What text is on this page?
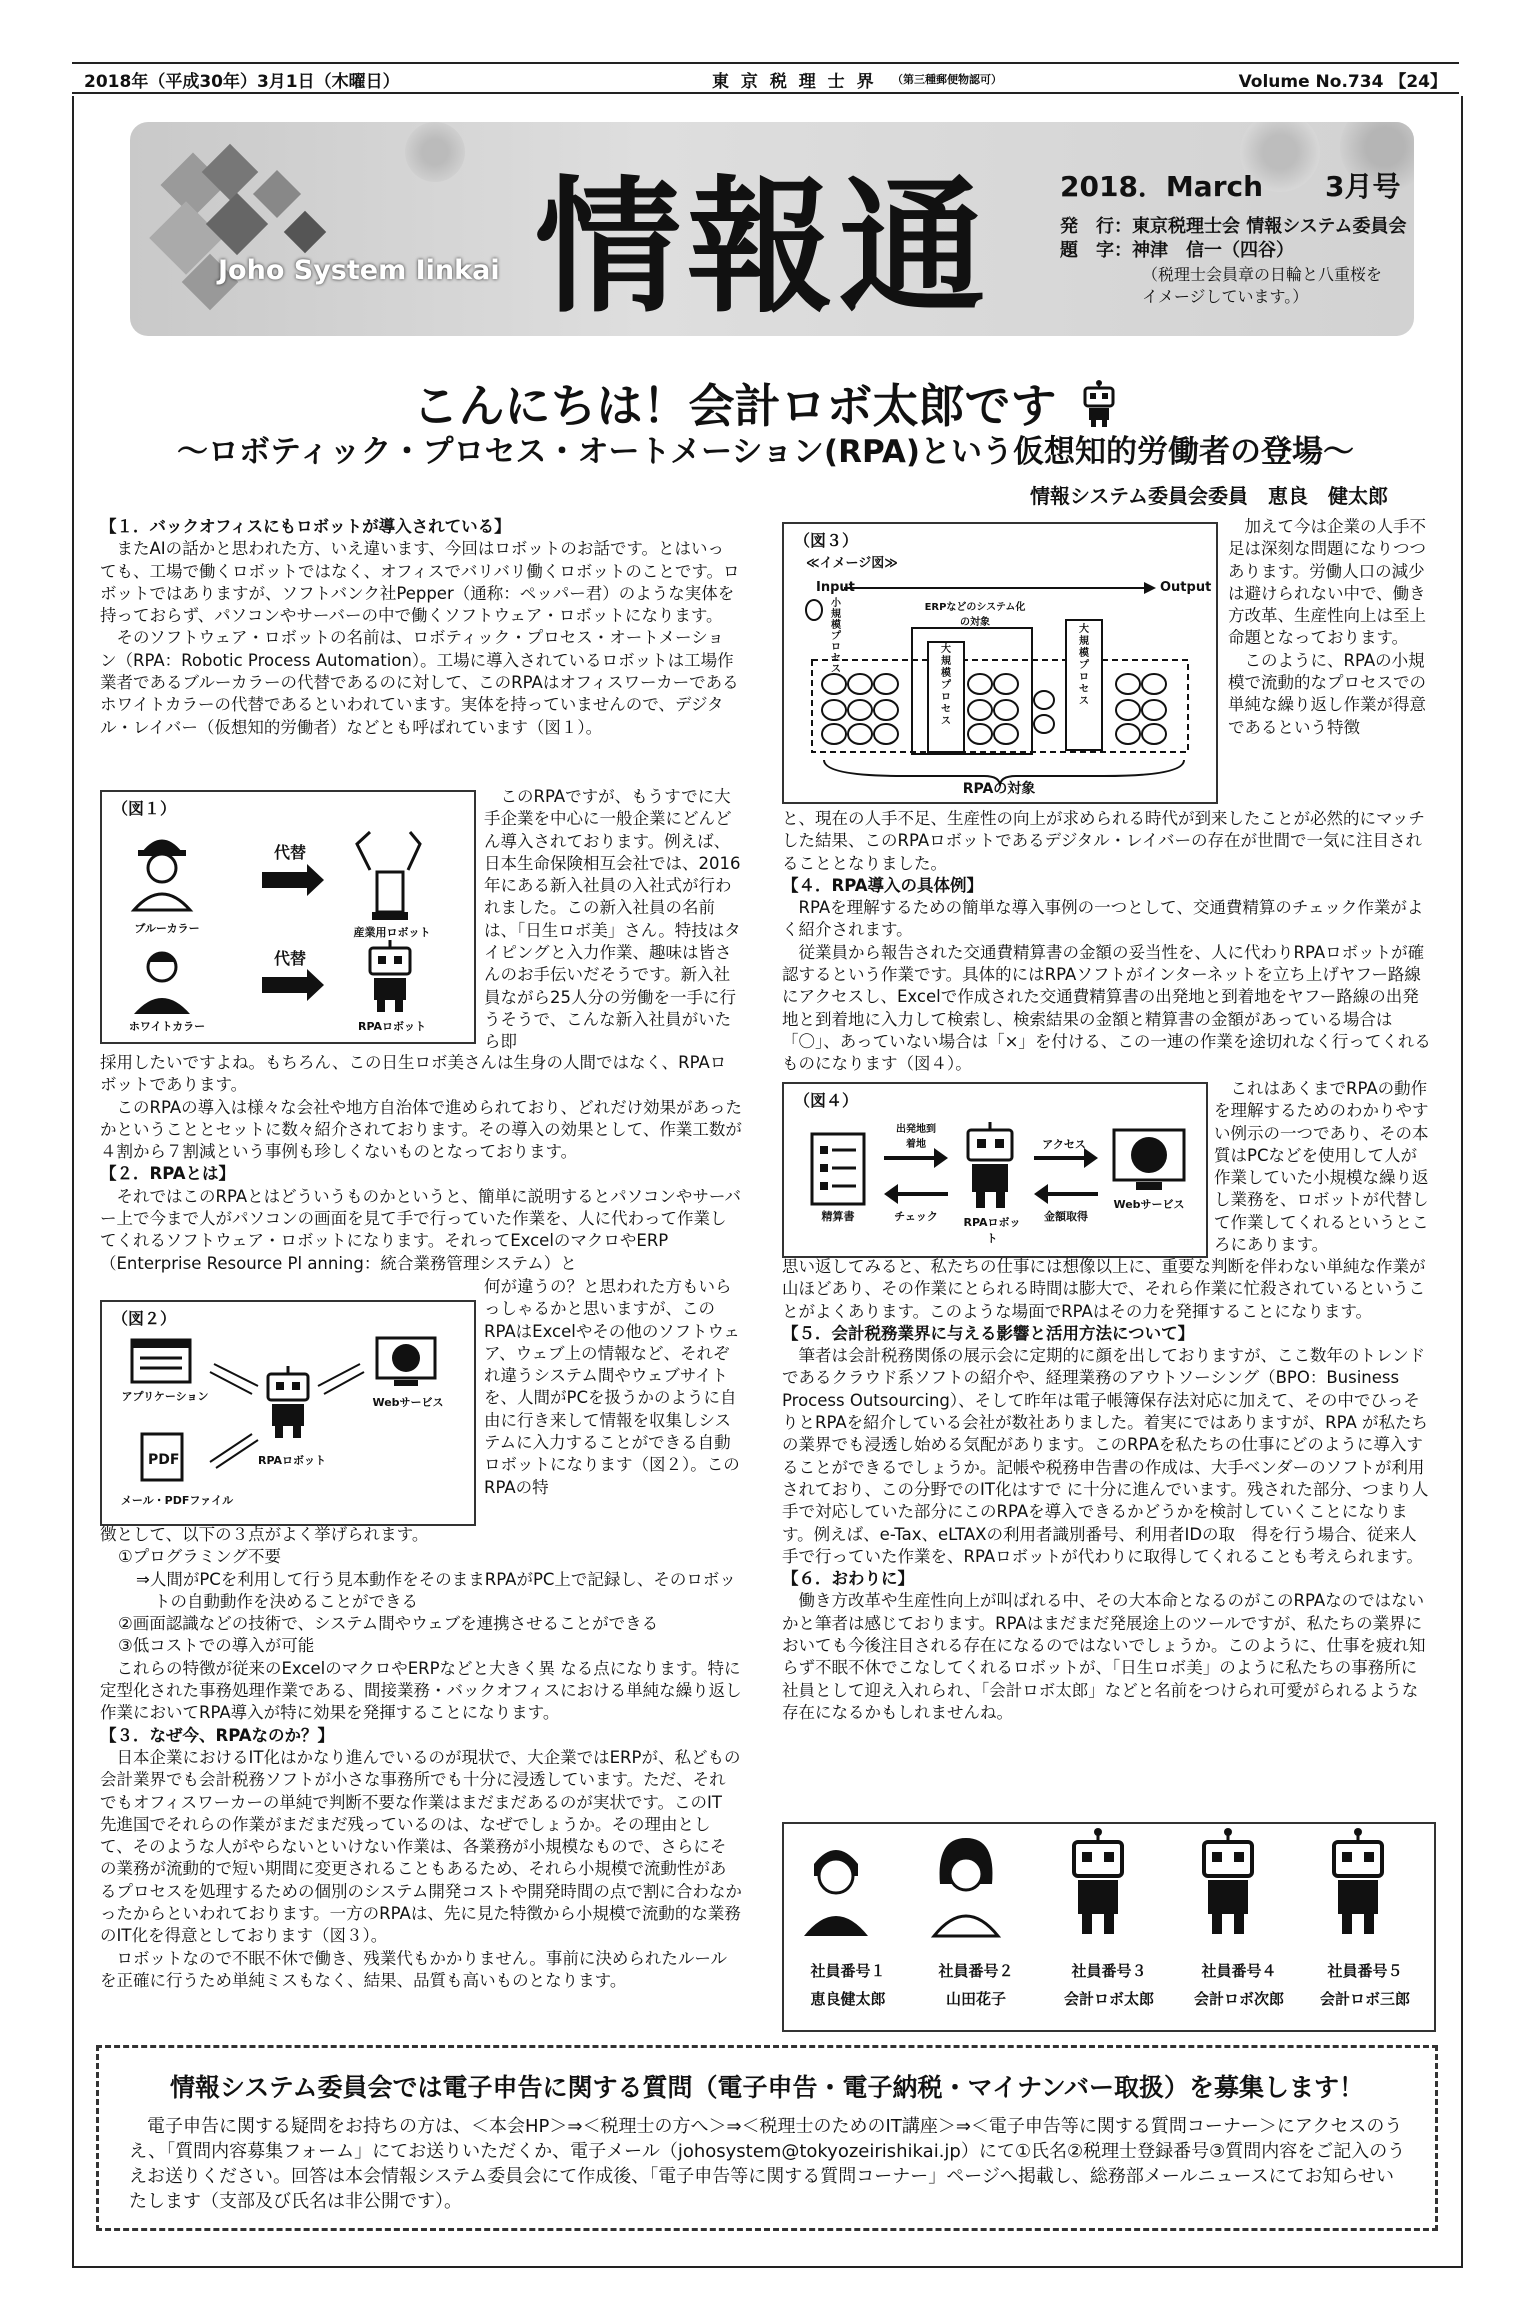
2018年（平成30年）3月1日（木曜日）	東 京 税 理 士 界 （第三種郵便物認可）	Volume No.734 【24】
Joho System Iinkai 情報通 2018．March 3月号
発　行：東京税理士会 情報システム委員会
題　字：神津　信一（四谷）
（税理士会員章の日輪と八重桜を
イメージしています。）
こんにちは！会計ロボ太郎です
～ロボティック・プロセス・オートメーション(RPA)という仮想知的労働者の登場～
情報システム委員会委員　恵良　健太郎

【１．バックオフィスにもロボットが導入されている】

　またAIの話かと思われた方、いえ違います、今回はロボットのお話です。とはいっても、工場で働くロボットではなく、オフィスでバリバリ働くロボットのことです。ロボットではありますが、ソフトバンク社Pepper（通称：ペッパー君）のような実体を持っておらず、パソコンやサーバーの中で働くソフトウェア・ロボットになります。

　そのソフトウェア・ロボットの名前は、ロボティック・プロセス・オートメーション（RPA：Robotic Process Automation）。工場に導入されているロボットは工場作業者であるブルーカラーの代替であるのに対して、このRPAはオフィスワーカーであるホワイトカラーの代替であるといわれています。実体を持っていませんので、デジタル・レイバー（仮想知的労働者）などとも呼ばれています（図１）。

（図１）
代替
代替
ブルーカラー	産業用ロボット
ホワイトカラー	RPAロボット
　このRPAですが、もうすでに大手企業を中心に一般企業にどんどん導入されております。例えば、日本生命保険相互会社では、2016年にある新入社員の入社式が行われました。この新入社員の名前は、「日生ロボ美」さん。特技はタイピングと入力作業、趣味は皆さんのお手伝いだそうです。新入社員ながら25人分の労働を一手に行うそうで、こんな新入社員がいたら即

採用したいですよね。もちろん、この日生ロボ美さんは生身の人間ではなく、RPAロボットであります。

　このRPAの導入は様々な会社や地方自治体で進められており、どれだけ効果があったかということとセットに数々紹介されております。その導入の効果として、作業工数が４割から７割減という事例も珍しくないものとなっております。

【２．RPAとは】

　それではこのRPAとはどういうものかというと、簡単に説明するとパソコンやサーバー上で今まで人がパソコンの画面を見て手で行っていた作業を、人に代わって作業してくれるソフトウェア・ロボットになります。それってExcelのマクロやERP（Enterprise Resource Pl anning：統合業務管理システム）と

（図２）
PDF
アプリケーション	Webサービス
RPAロボット
メール・PDFファイル
何が違うの？と思われた方もいらっしゃるかと思いますが、このRPAはExcelやその他のソフトウェア、ウェブ上の情報など、それぞれ違うシステム間やウェブサイトを、人間がPCを扱うかのように自由に行き来して情報を収集しシステムに入力することができる自動ロボットになります（図２）。このRPAの特

徴として、以下の３点がよく挙げられます。

①プログラミング不要

⇒人間がPCを利用して行う見本動作をそのままRPAがPC上で記録し、そのロボットの自動動作を決めることができる

②画面認識などの技術で、システム間やウェブを連携させることができる

③低コストでの導入が可能

　これらの特徴が従来のExcelのマクロやERPなどと大きく異 なる点になります。特に定型化された事務処理作業である、間接業務・バックオフィスにおける単純な繰り返し作業においてRPA導入が特に効果を発揮することになります。

【３．なぜ今、RPAなのか？】

　日本企業におけるIT化はかなり進んでいるのが現状で、大企業ではERPが、私どもの会計業界でも会計税務ソフトが小さな事務所でも十分に浸透しています。ただ、それでもオフィスワーカーの単純で判断不要な作業はまだまだあるのが実状です。このIT 先進国でそれらの作業がまだまだ残っているのは、なぜでしょうか。その理由として、そのような人がやらないといけない作業は、各業務が小規模なもので、さらにその業務が流動的で短い期間に変更されることもあるため、それら小規模で流動性があるプロセスを処理するための個別のシステム開発コストや開発時間の点で割に合わなかったからといわれております。一方のRPAは、先に見た特徴から小規模で流動的な業務のIT化を得意としております（図３）。

　ロボットなので不眠不休で働き、残業代もかかりません。事前に決められたルールを正確に行うため単純ミスもなく、結果、品質も高いものとなります。

（図３）
≪イメージ図≫
Input	Output
小規模プロセス
ERPなどのシステム化の対象
大規模プロセス
大規模プロセス
RPAの対象
　加えて今は企業の人手不足は深刻な問題になりつつあります。労働人口の減少は避けられない中で、働き方改革、生産性向上は至上命題となっております。
　このように、RPAの小規模で流動的なプロセスでの単純な繰り返し作業が得意であるという特徴

と、現在の人手不足、生産性の向上が求められる時代が到来したことが必然的にマッチした結果、このRPAロボットであるデジタル・レイバーの存在が世間で一気に注目されることとなりました。

【４．RPA導入の具体例】

　RPAを理解するための簡単な導入事例の一つとして、交通費精算のチェック作業がよく紹介されます。

　従業員から報告された交通費精算書の金額の妥当性を、人に代わりRPAロボットが確認するという作業です。具体的にはRPAソフトがインターネットを立ち上げヤフー路線にアクセスし、Excelで作成された交通費精算書の出発地と到着地をヤフー路線の出発地と到着地に入力して検索し、検索結果の金額と精算書の金額があっている場合は「〇」、あっていない場合は「×」を付ける、この一連の作業を途切れなく行ってくれるものになります（図４）。

（図４）
精算書
出発地到着地
チェック	RPAロボット
アクセス
金額取得
Webサービス
　これはあくまでRPAの動作を理解するためのわかりやすい例示の一つであり、その本質はPCなどを使用して人が作業していた小規模な繰り返し業務を、ロボットが代替して作業してくれるというところにあります。

思い返してみると、私たちの仕事には想像以上に、重要な判断を伴わない単純な作業が山ほどあり、その作業にとられる時間は膨大で、それら作業に忙殺されているということがよくあります。このような場面でRPAはその力を発揮することになります。

【５．会計税務業界に与える影響と活用方法について】

　筆者は会計税務関係の展示会に定期的に顔を出しておりますが、ここ数年のトレンドであるクラウド系ソフトの紹介や、経理業務のアウトソーシング（BPO：Business Process Outsourcing）、そして昨年は電子帳簿保存法対応に加えて、その中でひっそりとRPAを紹介している会社が数社ありました。着実にではありますが、RPA が私たちの業界でも浸透し始める気配があります。このRPAを私たちの仕事にどのように導入することができるでしょうか。記帳や税務申告書の作成は、大手ベンダーのソフトが利用されており、この分野でのIT化はすで に十分に進んでいます。残された部分、つまり人手で対応していた部分にこのRPAを導入できるかどうかを検討していくことになります。例えば、e-Tax、eLTAXの利用者識別番号、利用者IDの取　得を行う場合、従来人手で行っていた作業を、RPAロボットが代わりに取得してくれることも考えられます。

【６．おわりに】

　働き方改革や生産性向上が叫ばれる中、その大本命となるのがこのRPAなのではないかと筆者は感じております。RPAはまだまだ発展途上のツールですが、私たちの業界においても今後注目される存在になるのではないでしょうか。このように、仕事を疲れ知らず不眠不休でこなしてくれるロボットが、「日生ロボ美」のように私たちの事務所に社員として迎え入れられ、「会計ロボ太郎」などと名前をつけられ可愛がられるような存在になるかもしれませんね。

社員番号１
恵良健太郎
社員番号２
山田花子
社員番号３
会計ロボ太郎
社員番号４
会計ロボ次郎
社員番号５
会計ロボ三郎
情報システム委員会では電子申告に関する質問（電子申告・電子納税・マイナンバー取扱）を募集します！
　電子申告に関する疑問をお持ちの方は、＜本会HP＞⇒＜税理士の方へ＞⇒＜税理士のためのIT講座＞⇒＜電子申告等に関する質問コーナー＞にアクセスのうえ、「質問内容募集フォーム」にてお送りいただくか、電子メール（johosystem@tokyozeirishikai.jp）にて①氏名②税理士登録番号③質問内容をご記入のうえお送りください。回答は本会情報システム委員会にて作成後、「電子申告等に関する質問コーナー」ページへ掲載し、総務部メールニュースにてお知らせいたします（支部及び氏名は非公開です）。
